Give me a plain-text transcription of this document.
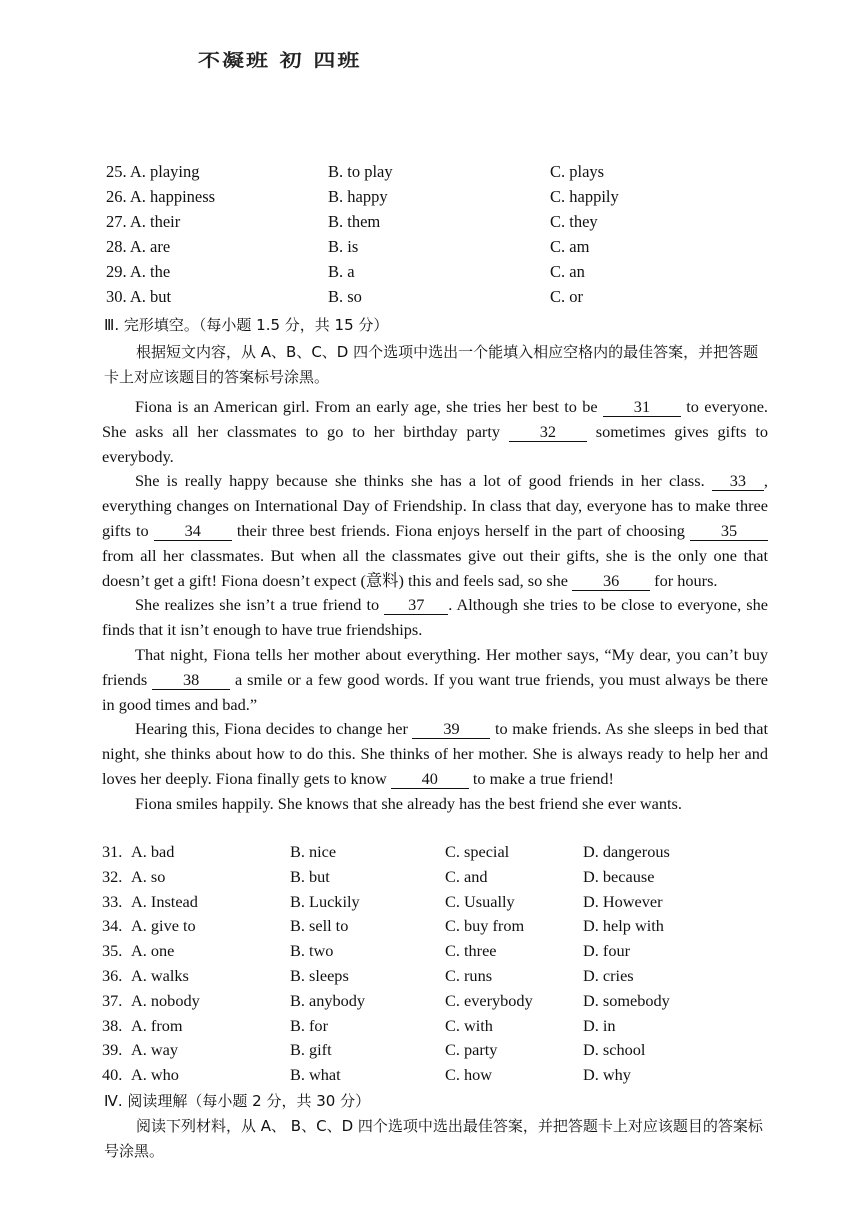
不凝班 初 四班
25. A. playing	B. to play	C. plays
26. A. happiness	B. happy	C. happily
27. A. their	B. them	C. they
28. A. are	B. is	C. am
29. A. the	B. a	C. an
30. A. but	B. so	C. or
Ⅲ. 完形填空。（每小题 1.5 分，共 15 分）
根据短文内容，从 A、B、C、D 四个选项中选出一个能填入相应空格内的最佳答案，并把答题卡上对应该题目的答案标号涂黑。

Fiona is an American girl. From an early age, she tries her best to be 31 to everyone. She asks all her classmates to go to her birthday party 32 sometimes gives gifts to everybody.

She is really happy because she thinks she has a lot of good friends in her class. 33 , everything changes on International Day of Friendship. In class that day, everyone has to make three gifts to 34 their three best friends. Fiona enjoys herself in the part of choosing 35 from all her classmates. But when all the classmates give out their gifts, she is the only one that doesn’t get a gift! Fiona doesn’t expect (意料) this and feels sad, so she 36 for hours.

She realizes she isn’t a true friend to 37 . Although she tries to be close to everyone, she finds that it isn’t enough to have true friendships.

That night, Fiona tells her mother about everything. Her mother says, “My dear, you can’t buy friends 38 a smile or a few good words. If you want true friends, you must always be there in good times and bad.”

Hearing this, Fiona decides to change her 39 to make friends. As she sleeps in bed that night, she thinks about how to do this. She thinks of her mother. She is always ready to help her and loves her deeply. Fiona finally gets to know 40 to make a true friend!

Fiona smiles happily. She knows that she already has the best friend she ever wants.

31. A. bad	B. nice	C. special	D. dangerous
32. A. so	B. but	C. and	D. because
33. A. Instead	B. Luckily	C. Usually	D. However
34. A. give to	B. sell to	C. buy from	D. help with
35. A. one	B. two	C. three	D. four
36. A. walks	B. sleeps	C. runs	D. cries
37. A. nobody	B. anybody	C. everybody	D. somebody
38. A. from	B. for	C. with	D. in
39. A. way	B. gift	C. party	D. school
40. A. who	B. what	C. how	D. why
Ⅳ. 阅读理解（每小题 2 分，共 30 分）
阅读下列材料，从 A、 B、C、D 四个选项中选出最佳答案，并把答题卡上对应该题目的答案标号涂黑。
